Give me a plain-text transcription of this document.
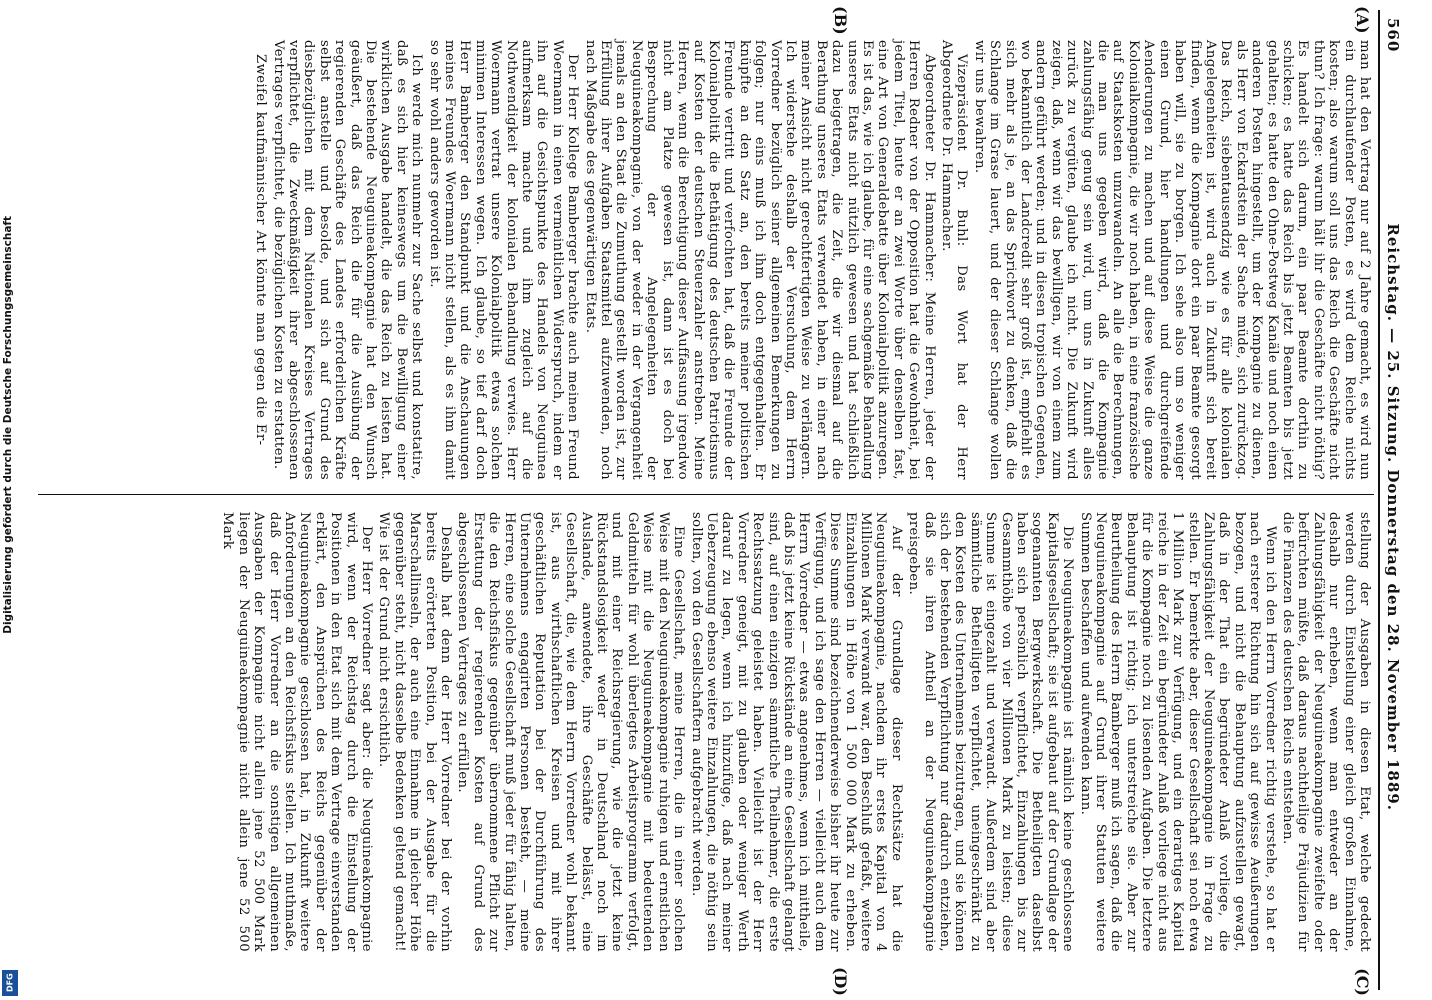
560
Reichstag. — 25. Sitzung. Donnerstag den 28. November 1889.
(A)
(B)
(C)
(D)

man hat den Vertrag nur auf 2 Jahre gemacht, es wird nun ein durchlaufender Posten, es wird dem Reiche nichts kosten; also warum soll uns das Reich die Geschäfte nicht thun? Ich frage: warum hält ihr die Geschäfte nicht nöthig? Es handelt sich darum, ein paar Beamte dorthin zu schicken; es hatte das Reich bis jetzt Beamten bis jetzt gehalten; es hatte den Ohne-Postweg Kanäle und noch einen anderen Posten hingestellt, um der Kompagnie zu dienen, als Herr von Eckardstein der Sache müde, sich zurückzog. Das Reich, siebentausendzig wie es für alle kolonialen Angelegenheiten ist, wird auch in Zukunft sich bereit finden, wenn die Kompagnie dort ein paar Beamte gesorgt haben will, sie zu borgen. Ich sehe also um so weniger einen Grund, hier handlungen und durchgreifende Aenderungen zu machen und auf diese Weise die ganze Kolonialkompagnie, die wir noch haben, in eine französische auf Staatskosten umzuwandeln. An alle die Berechnungen, die man uns gegeben wird, daß die Kompagnie zahlungsfähig genug sein wird, um uns in Zukunft alles zurück zu vergüten, glaube ich nicht. Die Zukunft wird zeigen, daß, wenn wir das bewilligen, wir von einem zum andern geführt werden; und in diesen tropischen Gegenden, wo bekanntlich der Landcredit sehr groß ist, empfiehlt es sich mehr als je, an das Sprichwort zu denken, daß die Schlange im Grase lauert, und der dieser Schlange wollen wir uns bewahren.

Vizepräsident Dr. Buhl: Das Wort hat der Herr Abgeordnete Dr. Hammacher.

Abgeordneter Dr. Hammacher: Meine Herren, jeder der Herren Redner von der Opposition hat die Gewohnheit, bei jedem Titel, heute er an zwei Worte über denselben fast, eine Art von Generaldebatte über Kolonialpolitik anzuregen. Es ist das, wie ich glaube, für eine sachgemäße Behandlung unseres Etats nicht nützlich gewesen und hat schließlich dazu beigetragen, die Zeit, die wir diesmal auf die Berathung unseres Etats verwendet haben, in einer nach meiner Ansicht nicht gerechtfertigten Weise zu verlängern. Ich widerstehe deshalb der Versuchung, dem Herrn Vorredner bezüglich seiner allgemeinen Bemerkungen zu folgen; nur eins muß ich ihm doch entgegenhalten. Er knüpfte an den Satz an, den bereits meiner politischen Freunde vertritt und verfochten hat, daß die Freunde der Kolonialpolitik die Bethätigung des deutschen Patriotismus auf Kosten der deutschen Steuerzahler anstreben. Meine Herren, wenn die Berechtigung dieser Auffassung irgendwo nicht am Platze gewesen ist, dann ist es doch bei Besprechung der Angelegenheiten der Neuguineakompagnie, von der weder in der Vergangenheit jemals an den Staat die Zumuthung gestellt worden ist, zur Erfüllung ihrer Aufgaben Staatsmittel aufzuwenden, noch nach Maßgabe des gegenwärtigen Etats.

Der Herr Kollege Bamberger brachte auch meinen Freund Woermann in einen vermeintlichen Widerspruch, indem er ihn auf die Gesichtspunkte des Handels von Neuguinea aufmerksam machte und ihm zugleich auf die Nothwendigkeit der kolonialen Behandlung verwies. Herr Woermann vertrat unsere Kolonialpolitik etwas solchen minimen Interessen wegen. Ich glaube, so tief darf doch Herr Bamberger den Standpunkt und die Anschauungen meines Freundes Woermann nicht stellen, als es ihm damit so sehr wohl anders geworden ist.

Ich werde mich nunmehr zur Sache selbst und konstatire, daß es sich hier keineswegs um die Bewilligung einer wirklichen Ausgabe handelt, die das Reich zu leisten hat. Die bestehende Neuguineakompagnie hat den Wunsch geäußert, daß das Reich die für die Ausübung der regierenden Geschäfte des Landes erforderlichen Kräfte selbst anstelle und besolde, und sich auf Grund des diesbezüglichen mit dem Nationalen Kreises Vertrages verpflichtet, die Zweckmäßigkeit ihrer abgeschlossenen Vertrages verpflichtet, die bezüglichen Kosten zu erstatten.

Zweifel kaufmännischer Art könnte man gegen die Er-

stellung der Ausgaben in diesen Etat, welche gedeckt werden durch Einstellung einer gleich großen Einnahme, deshalb nur erheben, wenn man entweder an der Zahlungsfähigkeit der Neuguineakompagnie zweifelte oder befürchten müßte, daß daraus nachtheilige Präjudizien für die Finanzen des deutschen Reichs entstehen.

Wenn ich den Herrn Vorredner richtig verstehe, so hat er nach ersterer Richtung hin sich auf gewisse Aeußerungen bezogen, und nicht die Behauptung aufzustellen gewagt, daß in der That ein begründeter Anlaß vorliege, die Zahlungsfähigkeit der Neuguineakompagnie in Frage zu stellen. Er bemerkte aber, dieser Gesellschaft sei noch etwa 1 Million Mark zur Verfügung, und ein derartiges Kapital reiche in der Zeit ein begründeter Anlaß vorliege nicht aus für die Kompagnie noch zu lösenden Aufgaben. Die letztere Behauptung ist richtig; ich unterstreiche sie. Aber zur Beurtheilung des Herrn Bamberger muß ich sagen, daß die Neuguineakompagnie auf Grund ihrer Statuten weitere Summen beschaffen und aufwenden kann.

Die Neuguineakompagnie ist nämlich keine geschlossene Kapitalsgesellschaft; sie ist aufgebaut auf der Grundlage der sogenannten Bergwerkschaft. Die Betheiligten daselbst haben sich persönlich verpflichtet, Einzahlungen bis zur Gesammthöhe von vier Millionen Mark zu leisten; diese Summe ist eingezahlt und verwandt. Außerdem sind aber sämmtliche Betheiligten verpflichtet, uneingeschränkt zu den Kosten des Unternehmens beizutragen, und sie können sich der bestehenden Verpflichtung nur dadurch entziehen, daß sie ihren Antheil an der Neuguineakompagnie preisgeben.

Auf der Grundlage dieser Rechtsätze hat die Neuguineakompagnie, nachdem ihr erstes Kapital von 4 Millionen Mark verwandt war, den Beschluß gefaßt, weitere Einzahlungen in Höhe von 1 500 000 Mark zu erheben. Diese Summe sind bezeichnenderweise bisher ihr heute zur Verfügung, und ich sage den Herren — vielleicht auch dem Herrn Vorredner — etwas angenehmes, wenn ich mittheile, daß bis jetzt keine Rückstände an eine Gesellschaft gelangt sind, auf einen einzigen sämmtliche Theilnehmer, die erste Rechtssatzung geleistet haben. Vielleicht ist der Herr Vorredner geneigt, mit zu glauben oder weniger Werth darauf zu legen, wenn ich hinzufüge, daß nach meiner Ueberzeugung ebenso weitere Einzahlungen, die nöthig sein sollten, von den Gesellschaftern aufgebracht werden.

Eine Gesellschaft, meine Herren, die in einer solchen Weise mit den Neuguineakompagnie ruhigen und ernstlichen Weise mit die Neuguineakompagnie mit bedeutenden Geldmitteln für wohl überlegtes Arbeitsprogramm verfolgt, und mit einer Reichsregierung, wie die jetzt keine Rückstandslosigkeit weder in Deutschland noch im Auslande, anwendete, ihre Geschäfte belässt, eine Gesellschaft, die, wie dem Herrn Vorredner wohl bekannt ist, aus wirthschaftlichen Kreisen und mit ihrer geschäftlichen Reputation bei der Durchführung des Unternehmens engagirten Personen besteht, — meine Herren, eine solche Gesellschaft muß jeder für fähig halten, die den Reichsfiskus gegenüber übernommene Pflicht zur Erstattung der regierenden Kosten auf Grund des abgeschlossenen Vertrages zu erfüllen.

Deshalb hat denn der Herr Vorredner bei der vorhin bereits erörterten Position, bei der Ausgabe für die Marschallinseln, der auch eine Einnahme in gleicher Höhe gegenüber steht, nicht dasselbe Bedenken geltend gemacht! Wie ist der Grund nicht ersichtlich.

Der Herr Vorredner sagt aber: die Neuguineakompagnie wird, wenn der Reichstag durch die Einstellung der Positionen in den Etat sich mit dem Vertrage einverstanden erklärt, den Ansprüchen des Reichs gegenüber der Neuguineakompagnie geschlossen hat, in Zukunft weitere Anforderungen an den Reichsfiskus stellen. Ich muthmaße, daß der Herr Vorredner an die sonstigen allgemeinen Ausgaben der Kompagnie nicht allein jene 52 500 Mark liegen der Neuguineakompagnie nicht allein jene 52 500 Mark

Digitalisierung gefördert durch die Deutsche Forschungsgemeinschaft
DFG
